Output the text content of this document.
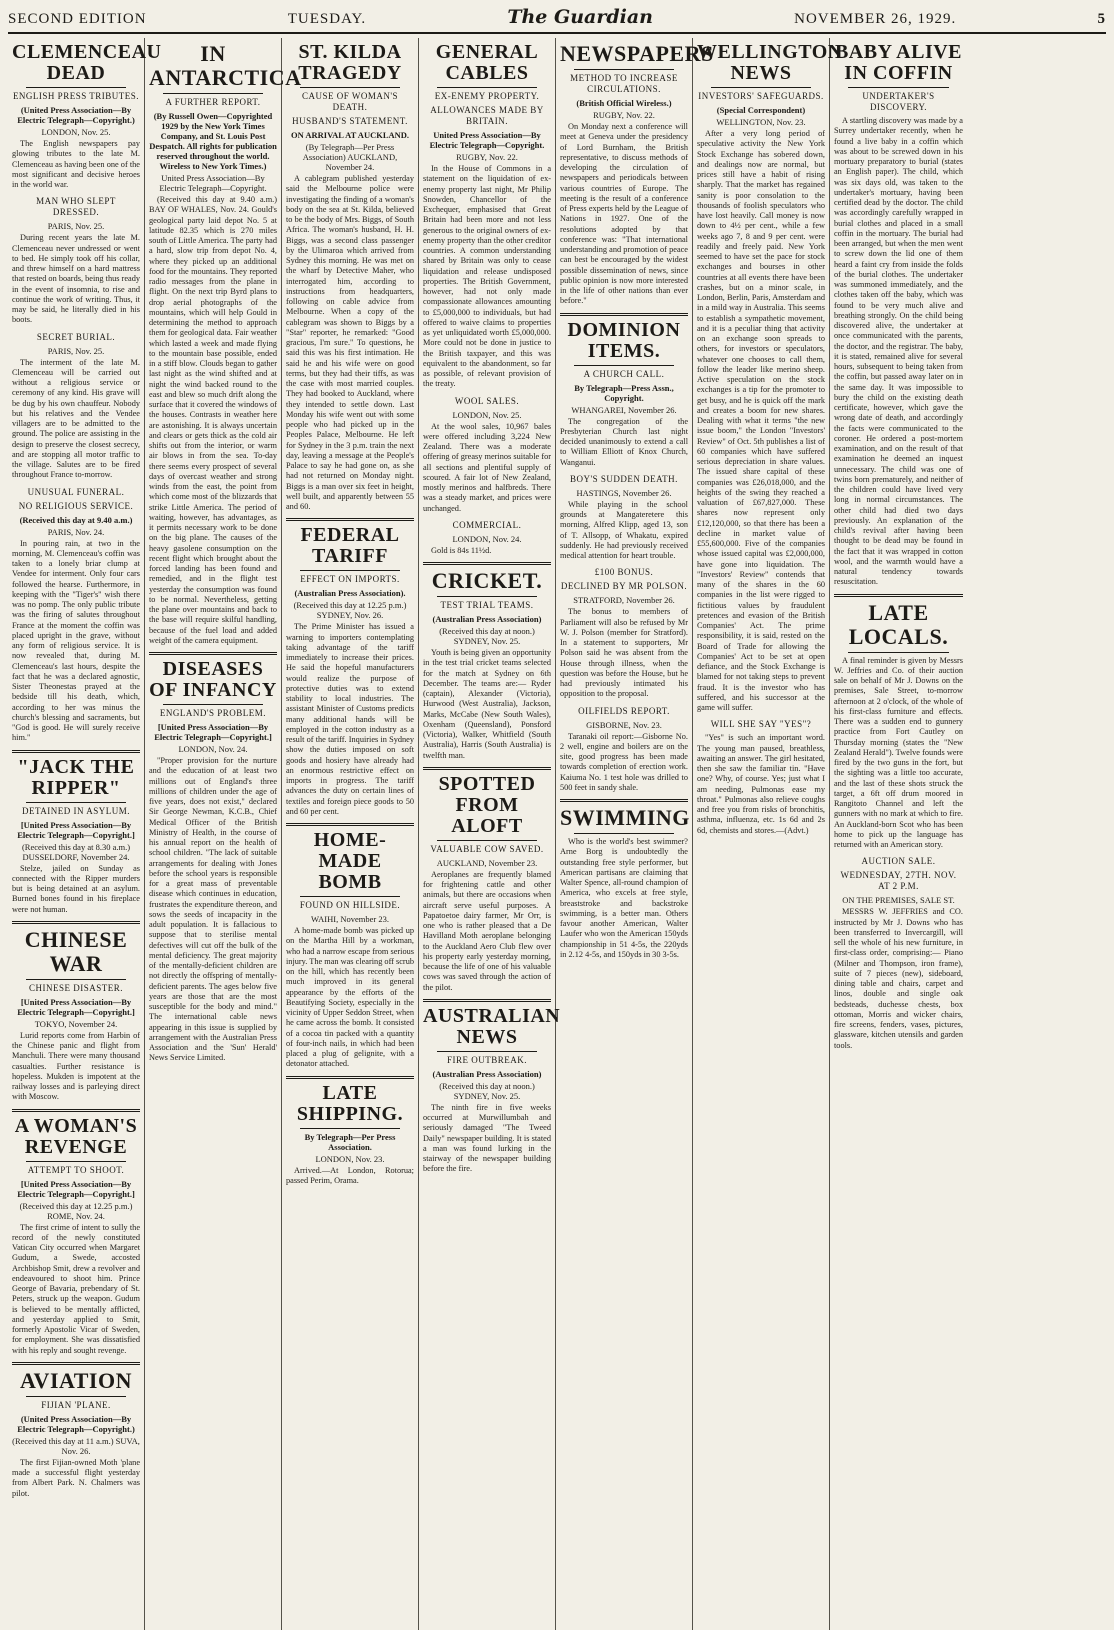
SECOND EDITION	TUESDAY.	The Guardian	NOVEMBER 26, 1929.	5
CLEMENCEAU DEAD
ENGLISH PRESS TRIBUTES.
(United Press Association—By Electric Telegraph—Copyright.)
LONDON, Nov. 25.

The English newspapers pay glowing tributes to the late M. Clemenceau as having been one of the most significant and decisive heroes in the world war.

MAN WHO SLEPT DRESSED.
PARIS, Nov. 25.

During recent years the late M. Clemenceau never undressed or went to bed. He simply took off his collar, and threw himself on a hard mattress that rested on boards, being thus ready in the event of insomnia, to rise and continue the work of writing. Thus, it may be said, he literally died in his boots.

SECRET BURIAL.
PARIS, Nov. 25.

The interment of the late M. Clemenceau will be carried out without a religious service or ceremony of any kind. His grave will be dug by his own chauffeur. Nobody but his relatives and the Vendee villagers are to be admitted to the ground. The police are assisting in the design to preserve the closest secrecy, and are stopping all motor traffic to the village. Salutes are to be fired throughout France to-morrow.

UNUSUAL FUNERAL.
NO RELIGIOUS SERVICE.
(Received this day at 9.40 a.m.)
PARIS, Nov. 24.

In pouring rain, at two in the morning, M. Clemenceau's coffin was taken to a lonely briar clump at Vendee for interment. Only four cars followed the hearse. Furthermore, in keeping with the "Tiger's" wish there was no pomp. The only public tribute was the firing of salutes throughout France at the moment the coffin was placed upright in the grave, without any form of religious service. It is now revealed that, during M. Clemenceau's last hours, despite the fact that he was a declared agnostic, Sister Theonestas prayed at the bedside till his death, which, according to her was minus the church's blessing and sacraments, but "God is good. He will surely receive him."

"JACK THE RIPPER"
DETAINED IN ASYLUM.
[United Press Association—By Electric Telegraph—Copyright.]
(Received this day at 8.30 a.m.) DUSSELDORF, November 24.

Stelze, jailed on Sunday as connected with the Ripper murders but is being detained at an asylum. Burned bones found in his fireplace were not human.

CHINESE WAR
CHINESE DISASTER.
[United Press Association—By Electric Telegraph—Copyright.]
TOKYO, November 24.

Lurid reports come from Harbin of the Chinese panic and flight from Manchuli. There were many thousand casualties. Further resistance is hopeless. Mukden is impotent at the railway losses and is parleying direct with Moscow.

A WOMAN'S REVENGE
ATTEMPT TO SHOOT.
[United Press Association—By Electric Telegraph—Copyright.]
(Received this day at 12.25 p.m.) ROME, Nov. 24.

The first crime of intent to sully the record of the newly constituted Vatican City occurred when Margaret Gudum, a Swede, accosted Archbishop Smit, drew a revolver and endeavoured to shoot him. Prince George of Bavaria, prebendary of St. Peters, struck up the weapon. Gudum is believed to be mentally afflicted, and yesterday applied to Smit, formerly Apostolic Vicar of Sweden, for employment. She was dissatisfied with his reply and sought revenge.

AVIATION
FIJIAN 'PLANE.
(United Press Association—By Electric Telegraph—Copyright.)
(Received this day at 11 a.m.) SUVA, Nov. 26.

The first Fijian-owned Moth 'plane made a successful flight yesterday from Albert Park. N. Chalmers was pilot.

IN ANTARCTICA
A FURTHER REPORT.
(By Russell Owen—Copyrighted 1929 by the New York Times Company, and St. Louis Post Despatch. All rights for publication reserved throughout the world. Wireless to New York Times.)
United Press Association—By Electric Telegraph—Copyright.

(Received this day at 9.40 a.m.) BAY OF WHALES, Nov. 24. Gould's geological party laid depot No. 5 at latitude 82.35 which is 270 miles south of Little America. The party had a hard, slow trip from depot No. 4, where they picked up an additional food for the mountains. They reported radio messages from the plane in flight. On the next trip Byrd plans to drop aerial photographs of the mountains, which will help Gould in determining the method to approach them for geological data. Fair weather which lasted a week and made flying to the mountain base possible, ended in a stiff blow. Clouds began to gather last night as the wind shifted and at night the wind backed round to the east and blew so much drift along the surface that it covered the windows of the houses. Contrasts in weather here are astonishing. It is always uncertain and clears or gets thick as the cold air shifts out from the interior, or warm air blows in from the sea. To-day there seems every prospect of several days of overcast weather and strong winds from the east, the point from which come most of the blizzards that strike Little America. The period of waiting, however, has advantages, as it permits necessary work to be done on the big plane. The causes of the heavy gasolene consumption on the recent flight which brought about the forced landing has been found and remedied, and in the flight test yesterday the consumption was found to be normal. Nevertheless, getting the plane over mountains and back to the base will require skilful handling, because of the fuel load and added weight of the camera equipment.

DISEASES OF INFANCY
ENGLAND'S PROBLEM.
[United Press Association—By Electric Telegraph—Copyright.]
LONDON, Nov. 24.

"Proper provision for the nurture and the education of at least two millions out of England's three millions of children under the age of five years, does not exist," declared Sir George Newman, K.C.B., Chief Medical Officer of the British Ministry of Health, in the course of his annual report on the health of school children. "The lack of suitable arrangements for dealing with Jones before the school years is responsible for a great mass of preventable disease which continues in education, frustrates the expenditure thereon, and sows the seeds of incapacity in the adult population. It is fallacious to suppose that to sterilise mental defectives will cut off the bulk of the mental deficiency. The great majority of the mentally-deficient children are not directly the offspring of mentally-deficient parents. The ages below five years are those that are the most susceptible for the body and mind." The international cable news appearing in this issue is supplied by arrangement with the Australian Press Association and the 'Sun' Herald' News Service Limited.

ST. KILDA TRAGEDY
CAUSE OF WOMAN'S DEATH.
HUSBAND'S STATEMENT.
ON ARRIVAL AT AUCKLAND.
(By Telegraph—Per Press Association) AUCKLAND, November 24.

A cablegram published yesterday said the Melbourne police were investigating the finding of a woman's body on the sea at St. Kilda, believed to be the body of Mrs. Biggs, of South Africa. The woman's husband, H. H. Biggs, was a second class passenger by the Ulimaroa which arrived from Sydney this morning. He was met on the wharf by Detective Maher, who interrogated him, according to instructions from headquarters, following on cable advice from Melbourne. When a copy of the cablegram was shown to Biggs by a "Star" reporter, he remarked: "Good gracious, I'm sure." To questions, he said this was his first intimation. He said he and his wife were on good terms, but they had their tiffs, as was the case with most married couples. They had booked to Auckland, where they intended to settle down. Last Monday his wife went out with some people who had picked up in the Peoples Palace, Melbourne. He left for Sydney in the 3 p.m. train the next day, leaving a message at the People's Palace to say he had gone on, as she had not returned on Monday night. Biggs is a man over six feet in height, well built, and apparently between 55 and 60.

FEDERAL TARIFF
EFFECT ON IMPORTS.
(Australian Press Association).
(Received this day at 12.25 p.m.) SYDNEY, Nov. 26.

The Prime Minister has issued a warning to importers contemplating taking advantage of the tariff immediately to increase their prices. He said the hopeful manufacturers would realize the purpose of protective duties was to extend stability to local industries. The assistant Minister of Customs predicts many additional hands will be employed in the cotton industry as a result of the tariff. Inquiries in Sydney show the duties imposed on soft goods and hosiery have already had an enormous restrictive effect on imports in progress. The tariff advances the duty on certain lines of textiles and foreign piece goods to 50 and 60 per cent.

HOME-MADE BOMB
FOUND ON HILLSIDE.
WAIHI, November 23.

A home-made bomb was picked up on the Martha Hill by a workman, who had a narrow escape from serious injury. The man was clearing off scrub on the hill, which has recently been much improved in its general appearance by the efforts of the Beautifying Society, especially in the vicinity of Upper Seddon Street, when he came across the bomb. It consisted of a cocoa tin packed with a quantity of four-inch nails, in which had been placed a plug of gelignite, with a detonator attached.

LATE SHIPPING.
By Telegraph—Per Press Association.
LONDON, Nov. 23.

Arrived.—At London, Rotorua; passed Perim, Orama.

GENERAL CABLES
EX-ENEMY PROPERTY.
ALLOWANCES MADE BY BRITAIN.
United Press Association—By Electric Telegraph—Copyright.
RUGBY, Nov. 22.

In the House of Commons in a statement on the liquidation of ex-enemy property last night, Mr Philip Snowden, Chancellor of the Exchequer, emphasised that Great Britain had been more and not less generous to the original owners of ex-enemy property than the other creditor countries. A common understanding shared by Britain was only to cease liquidation and release undisposed properties. The British Government, however, had not only made compassionate allowances amounting to £5,000,000 to individuals, but had offered to waive claims to properties as yet unliquidated worth £5,000,000. More could not be done in justice to the British taxpayer, and this was equivalent to the abandonment, so far as possible, of relevant provision of the treaty.

WOOL SALES.
LONDON, Nov. 25.

At the wool sales, 10,967 bales were offered including 3,224 New Zealand. There was a moderate offering of greasy merinos suitable for all sections and plentiful supply of scoured. A fair lot of New Zealand, mostly merinos and halfbreds. There was a steady market, and prices were unchanged.

COMMERCIAL.
LONDON, Nov. 24.

Gold is 84s 11½d.

CRICKET.
TEST TRIAL TEAMS.
(Australian Press Association)
(Received this day at noon.) SYDNEY, Nov. 25.

Youth is being given an opportunity in the test trial cricket teams selected for the match at Sydney on 6th December. The teams are:— Ryder (captain), Alexander (Victoria), Hurwood (West Australia), Jackson, Marks, McCabe (New South Wales), Oxenham (Queensland), Ponsford (Victoria), Walker, Whitfield (South Australia), Harris (South Australia) is twelfth man.

SPOTTED FROM ALOFT
VALUABLE COW SAVED.
AUCKLAND, November 23.

Aeroplanes are frequently blamed for frightening cattle and other animals, but there are occasions when aircraft serve useful purposes. A Papatoetoe dairy farmer, Mr Orr, is one who is rather pleased that a De Havilland Moth aeroplane belonging to the Auckland Aero Club flew over his property early yesterday morning, because the life of one of his valuable cows was saved through the action of the pilot.

AUSTRALIAN NEWS
FIRE OUTBREAK.
(Australian Press Association)
(Received this day at noon.) SYDNEY, Nov. 25.

The ninth fire in five weeks occurred at Murwillumbah and seriously damaged "The Tweed Daily" newspaper building. It is stated a man was found lurking in the stairway of the newspaper building before the fire.

NEWSPAPERS
METHOD TO INCREASE CIRCULATIONS.
(British Official Wireless.)
RUGBY, Nov. 22.

On Monday next a conference will meet at Geneva under the presidency of Lord Burnham, the British representative, to discuss methods of developing the circulation of newspapers and periodicals between various countries of Europe. The meeting is the result of a conference of Press experts held by the League of Nations in 1927. One of the resolutions adopted by that conference was: "That international understanding and promotion of peace can best be encouraged by the widest possible dissemination of news, since public opinion is now more interested in the life of other nations than ever before."

DOMINION ITEMS.
A CHURCH CALL.
By Telegraph—Press Assn., Copyright.
WHANGAREI, November 26.

The congregation of the Presbyterian Church last night decided unanimously to extend a call to William Elliott of Knox Church, Wanganui.

BOY'S SUDDEN DEATH.
HASTINGS, November 26.

While playing in the school grounds at Mangateretere this morning, Alfred Klipp, aged 13, son of T. Allsopp, of Whakatu, expired suddenly. He had previously received medical attention for heart trouble.

£100 BONUS.
DECLINED BY MR POLSON.
STRATFORD, November 26.

The bonus to members of Parliament will also be refused by Mr W. J. Polson (member for Stratford). In a statement to supporters, Mr Polson said he was absent from the House through illness, when the question was before the House, but he had previously intimated his opposition to the proposal.

OILFIELDS REPORT.
GISBORNE, Nov. 23.

Taranaki oil report:—Gisborne No. 2 well, engine and boilers are on the site, good progress has been made towards completion of erection work. Kaiuma No. 1 test hole was drilled to 500 feet in sandy shale.

SWIMMING

Who is the world's best swimmer? Arne Borg is undoubtedly the outstanding free style performer, but American partisans are claiming that Walter Spence, all-round champion of America, who excels at free style, breaststroke and backstroke swimming, is a better man. Others favour another American, Walter Laufer who won the American 150yds championship in 51 4-5s, the 220yds in 2.12 4-5s, and 150yds in 30 3-5s.

WELLINGTON NEWS
INVESTORS' SAFEGUARDS.
(Special Correspondent)
WELLINGTON, Nov. 23.

After a very long period of speculative activity the New York Stock Exchange has sobered down, and dealings now are normal, but prices still have a habit of rising sharply. That the market has regained sanity is poor consolation to the thousands of foolish speculators who have lost heavily. Call money is now down to 4½ per cent., while a few weeks ago 7, 8 and 9 per cent. were readily and freely paid. New York seemed to have set the pace for stock exchanges and bourses in other countries at all events there have been crashes, but on a minor scale, in London, Berlin, Paris, Amsterdam and in a mild way in Australia. This seems to establish a sympathetic movement, and it is a peculiar thing that activity on an exchange soon spreads to others, for investors or speculators, whatever one chooses to call them, follow the leader like merino sheep. Active speculation on the stock exchanges is a tip for the promoter to get busy, and he is quick off the mark and creates a boom for new shares. Dealing with what it terms "the new issue boom," the London "Investors' Review" of Oct. 5th publishes a list of 60 companies which have suffered serious depreciation in share values. The issued share capital of these companies was £26,018,000, and the heights of the swing they reached a valuation of £67,827,000. These shares now represent only £12,120,000, so that there has been a decline in market value of £55,600,000. Five of the companies whose issued capital was £2,000,000, have gone into liquidation. The "Investors' Review" contends that many of the shares in the 60 companies in the list were rigged to fictitious values by fraudulent pretences and evasion of the British Companies' Act. The prime responsibility, it is said, rested on the Board of Trade for allowing the Companies' Act to be set at open defiance, and the Stock Exchange is blamed for not taking steps to prevent fraud. It is the investor who has suffered, and his successor at the game will suffer.

WILL SHE SAY "YES"?

"Yes" is such an important word. The young man paused, breathless, awaiting an answer. The girl hesitated, then she saw the familiar tin. "Have one? Why, of course. Yes; just what I am needing, Pulmonas ease my throat." Pulmonas also relieve coughs and free you from risks of bronchitis, asthma, influenza, etc. 1s 6d and 2s 6d, chemists and stores.—(Advt.)

BABY ALIVE IN COFFIN
UNDERTAKER'S DISCOVERY.

A startling discovery was made by a Surrey undertaker recently, when he found a live baby in a coffin which was about to be screwed down in his mortuary preparatory to burial (states an English paper). The child, which was six days old, was taken to the undertaker's mortuary, having been certified dead by the doctor. The child was accordingly carefully wrapped in burial clothes and placed in a small coffin in the mortuary. The burial had been arranged, but when the men went to screw down the lid one of them heard a faint cry from inside the folds of the burial clothes. The undertaker was summoned immediately, and the clothes taken off the baby, which was found to be very much alive and breathing strongly. On the child being discovered alive, the undertaker at once communicated with the parents, the doctor, and the registrar. The baby, it is stated, remained alive for several hours, subsequent to being taken from the coffin, but passed away later on in the same day. It was impossible to bury the child on the existing death certificate, however, which gave the wrong date of death, and accordingly the facts were communicated to the coroner. He ordered a post-mortem examination, and on the result of that examination he deemed an inquest unnecessary. The child was one of twins born prematurely, and neither of the children could have lived very long in normal circumstances. The other child had died two days previously. An explanation of the child's revival after having been thought to be dead may be found in the fact that it was wrapped in cotton wool, and the warmth would have a natural tendency towards resuscitation.

LATE LOCALS.

A final reminder is given by Messrs W. Jeffries and Co. of their auction sale on behalf of Mr J. Downs on the premises, Sale Street, to-morrow afternoon at 2 o'clock, of the whole of his first-class furniture and effects. There was a sudden end to gunnery practice from Fort Cautley on Thursday morning (states the "New Zealand Herald"). Twelve founds were fired by the two guns in the fort, but the sighting was a little too accurate, and the last of these shots struck the target, a 6ft off drum moored in Rangitoto Channel and left the gunners with no mark at which to fire. An Auckland-born Scot who has been home to pick up the language has returned with an American story.

AUCTION SALE.
WEDNESDAY, 27TH. NOV. AT 2 P.M.
ON THE PREMISES, SALE ST.

MESSRS W. JEFFRIES and CO. instructed by Mr J. Downs who has been transferred to Invercargill, will sell the whole of his new furniture, in first-class order, comprising:— Piano (Milner and Thompson, iron frame), suite of 7 pieces (new), sideboard, dining table and chairs, carpet and linos, double and single oak bedsteads, duchesse chests, box ottoman, Morris and wicker chairs, fire screens, fenders, vases, pictures, glassware, kitchen utensils and garden tools.
